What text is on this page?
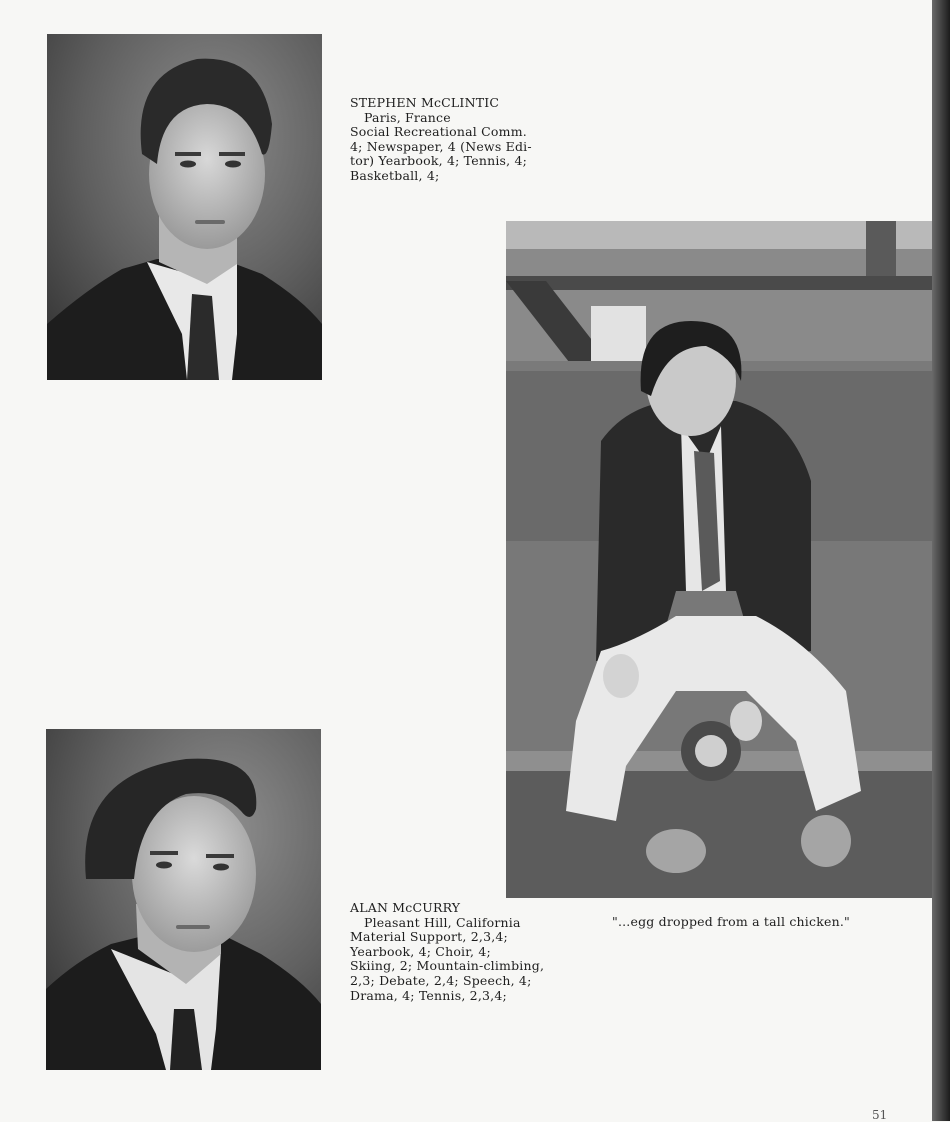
STEPHEN McCLINTIC
Paris, France
Social Recreational Comm.
4; Newspaper, 4 (News Edi-
tor) Yearbook, 4; Tennis, 4;
Basketball, 4;
ALAN McCURRY
Pleasant Hill, California
Material Support, 2,3,4;
Yearbook, 4; Choir, 4;
Skiing, 2; Mountain-climbing,
2,3; Debate, 2,4; Speech, 4;
Drama, 4; Tennis, 2,3,4;
"...egg dropped from a tall chicken."
51
